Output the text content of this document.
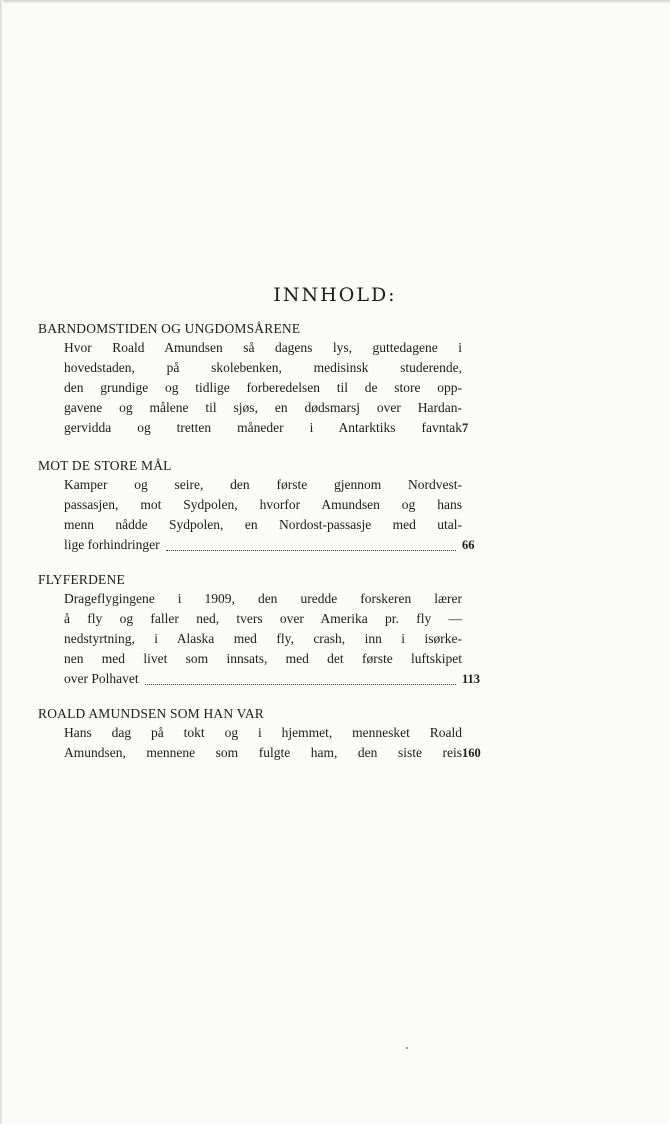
INNHOLD:
BARNDOMSTIDEN OG UNGDOMSÅRENE
Hvor Roald Amundsen så dagens lys, guttedagene i
hovedstaden, på skolebenken, medisinsk studerende,
den grundige og tidlige forberedelsen til de store opp-
gavene og målene til sjøs, en dødsmarsj over Hardan-
gervidda og tretten måneder i Antarktiks favntak 7
MOT DE STORE MÅL
Kamper og seire, den første gjennom Nordvest-
passasjen, mot Sydpolen, hvorfor Amundsen og hans
menn nådde Sydpolen, en Nordost-passasje med utal-
lige forhindringer	66
FLYFERDENE
Drageflygingene i 1909, den uredde forskeren lærer
å fly og faller ned, tvers over Amerika pr. fly —
nedstyrtning, i Alaska med fly, crash, inn i isørke-
nen med livet som innsats, med det første luftskipet
over Polhavet	113
ROALD AMUNDSEN SOM HAN VAR
Hans dag på tokt og i hjemmet, mennesket Roald
Amundsen, mennene som fulgte ham, den siste reis 160
